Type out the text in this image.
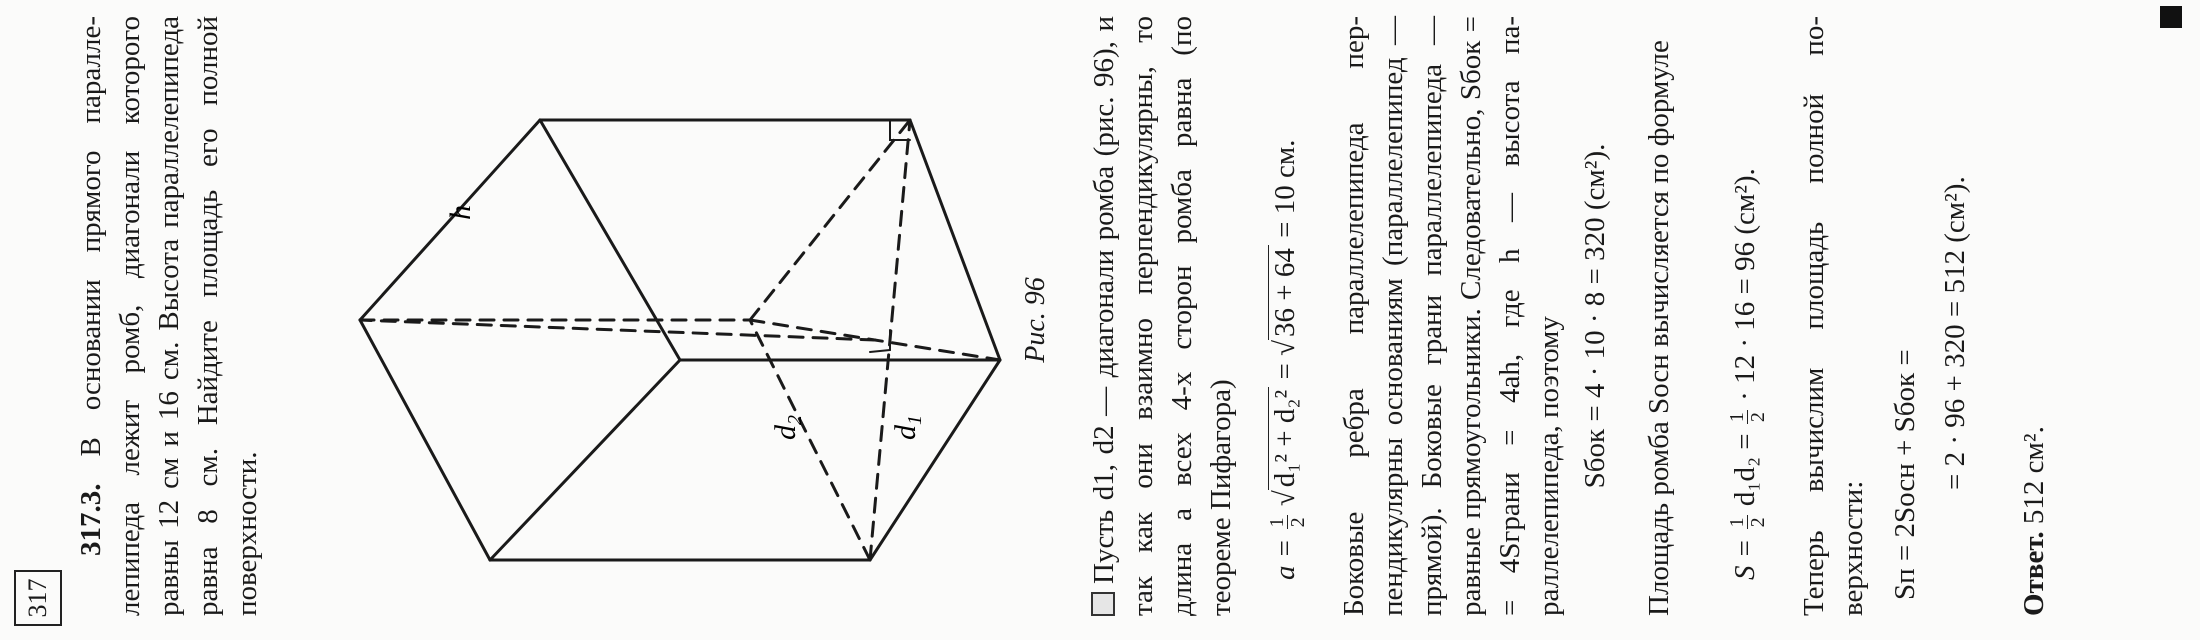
317

317.3. В основании прямого параллелепипеда лежит ромб, диагонали которого равны 12 см и 16 см. Высота параллелепипеда равна 8 см. Найдите площадь его полной поверхности.

h
$d_1$
$d_2$
Рис. 96 Пусть d1, d2 — диагонали ромба (рис. 96), и так как они взаимно перпендикулярны, то длина a всех 4-х сторон ромба равна (по теореме Пифагора) a =
1 2
√d₁² + d₂² = √36 + 64 = 10 см. Боковые ребра параллелепипеда перпендикулярны основаниям (параллелепипед — прямой). Боковые грани параллелепипеда — равные прямоугольники. Следовательно, Sбок = = 4Sграни = 4ah, где h — высота параллелепипеда, поэтому Sбок = 4 · 10 · 8 = 320 (см²). Площадь ромба Sосн вычисляется по формуле S =
1 2
d₁d₂ =
1 2
· 12 · 16 = 96 (см²). Теперь вычислим площадь полной поверхности: Sп = 2Sосн + Sбок = = 2 · 96 + 320 = 512 (см²).

Ответ. 512 см².
